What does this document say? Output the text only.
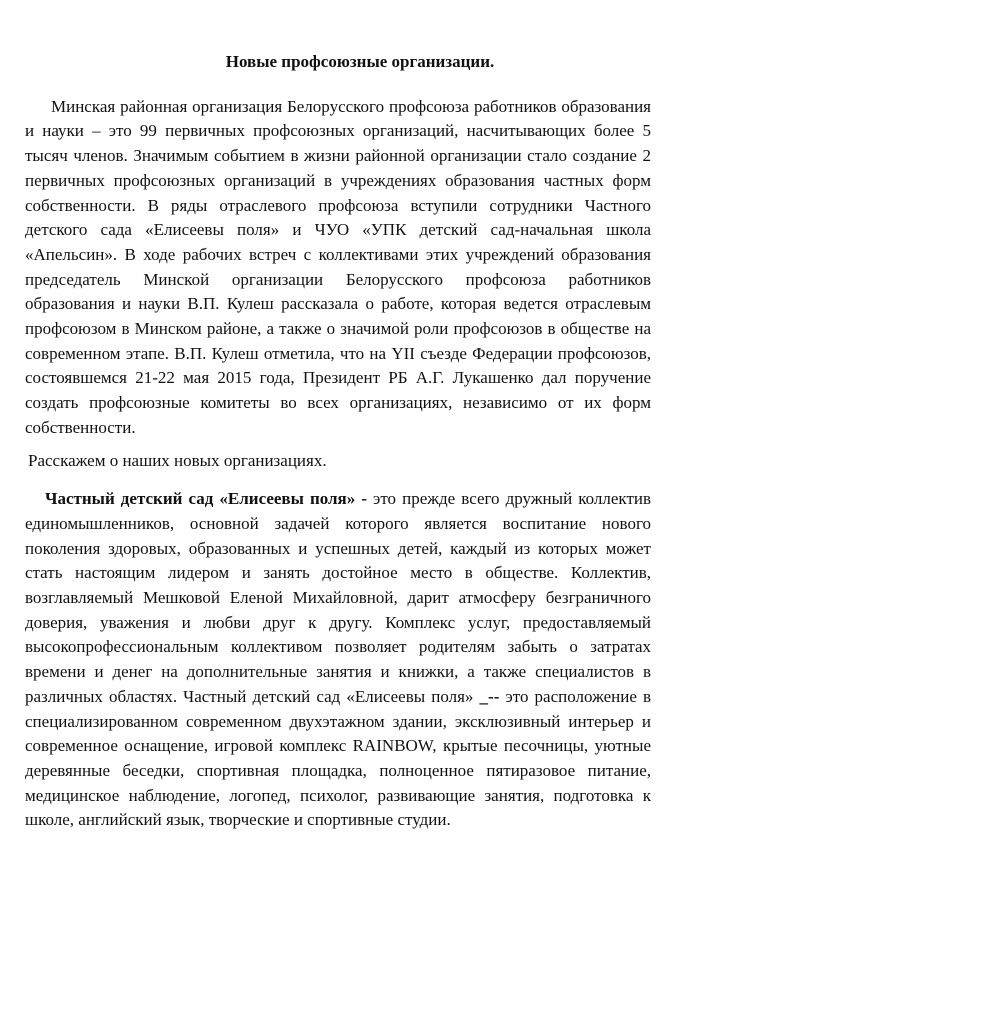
Новые профсоюзные организации.

Минская районная организация Белорусского профсоюза работников образования и науки – это 99 первичных профсоюзных организаций, насчитывающих более 5 тысяч членов. Значимым событием в жизни районной организации стало создание 2 первичных профсоюзных организаций в учреждениях образования частных форм собственности. В ряды отраслевого профсоюза вступили сотрудники Частного детского сада «Елисеевы поля» и ЧУО «УПК детский сад-начальная школа «Апельсин». В ходе рабочих встреч с коллективами этих учреждений образования председатель Минской организации Белорусского профсоюза работников образования и науки В.П. Кулеш рассказала о работе, которая ведется отраслевым профсоюзом в Минском районе, а также о значимой роли профсоюзов в обществе на современном этапе. В.П. Кулеш отметила, что на YII съезде Федерации профсоюзов, состоявшемся 21-22 мая 2015 года, Президент РБ А.Г. Лукашенко дал поручение создать профсоюзные комитеты во всех организациях, независимо от их форм собственности.

Расскажем о наших новых организациях.

Частный детский сад «Елисеевы поля» - это прежде всего дружный коллектив единомышленников, основной задачей которого является воспитание нового поколения здоровых, образованных и успешных детей, каждый из которых может стать настоящим лидером и занять достойное место в обществе. Коллектив, возглавляемый Мешковой Еленой Михайловной, дарит атмосферу безграничного доверия, уважения и любви друг к другу. Комплекс услуг, предоставляемый высокопрофессиональным коллективом позволяет родителям забыть о затратах времени и денег на дополнительные занятия и книжки, а также специалистов в различных областях. Частный детский сад «Елисеевы поля» _-- это расположение в специализированном современном двухэтажном здании, эксклюзивный интерьер и современное оснащение, игровой комплекс RAINBOW, крытые песочницы, уютные деревянные беседки, спортивная площадка, полноценное пятиразовое питание, медицинское наблюдение, логопед, психолог, развивающие занятия, подготовка к школе, английский язык, творческие и спортивные студии.
